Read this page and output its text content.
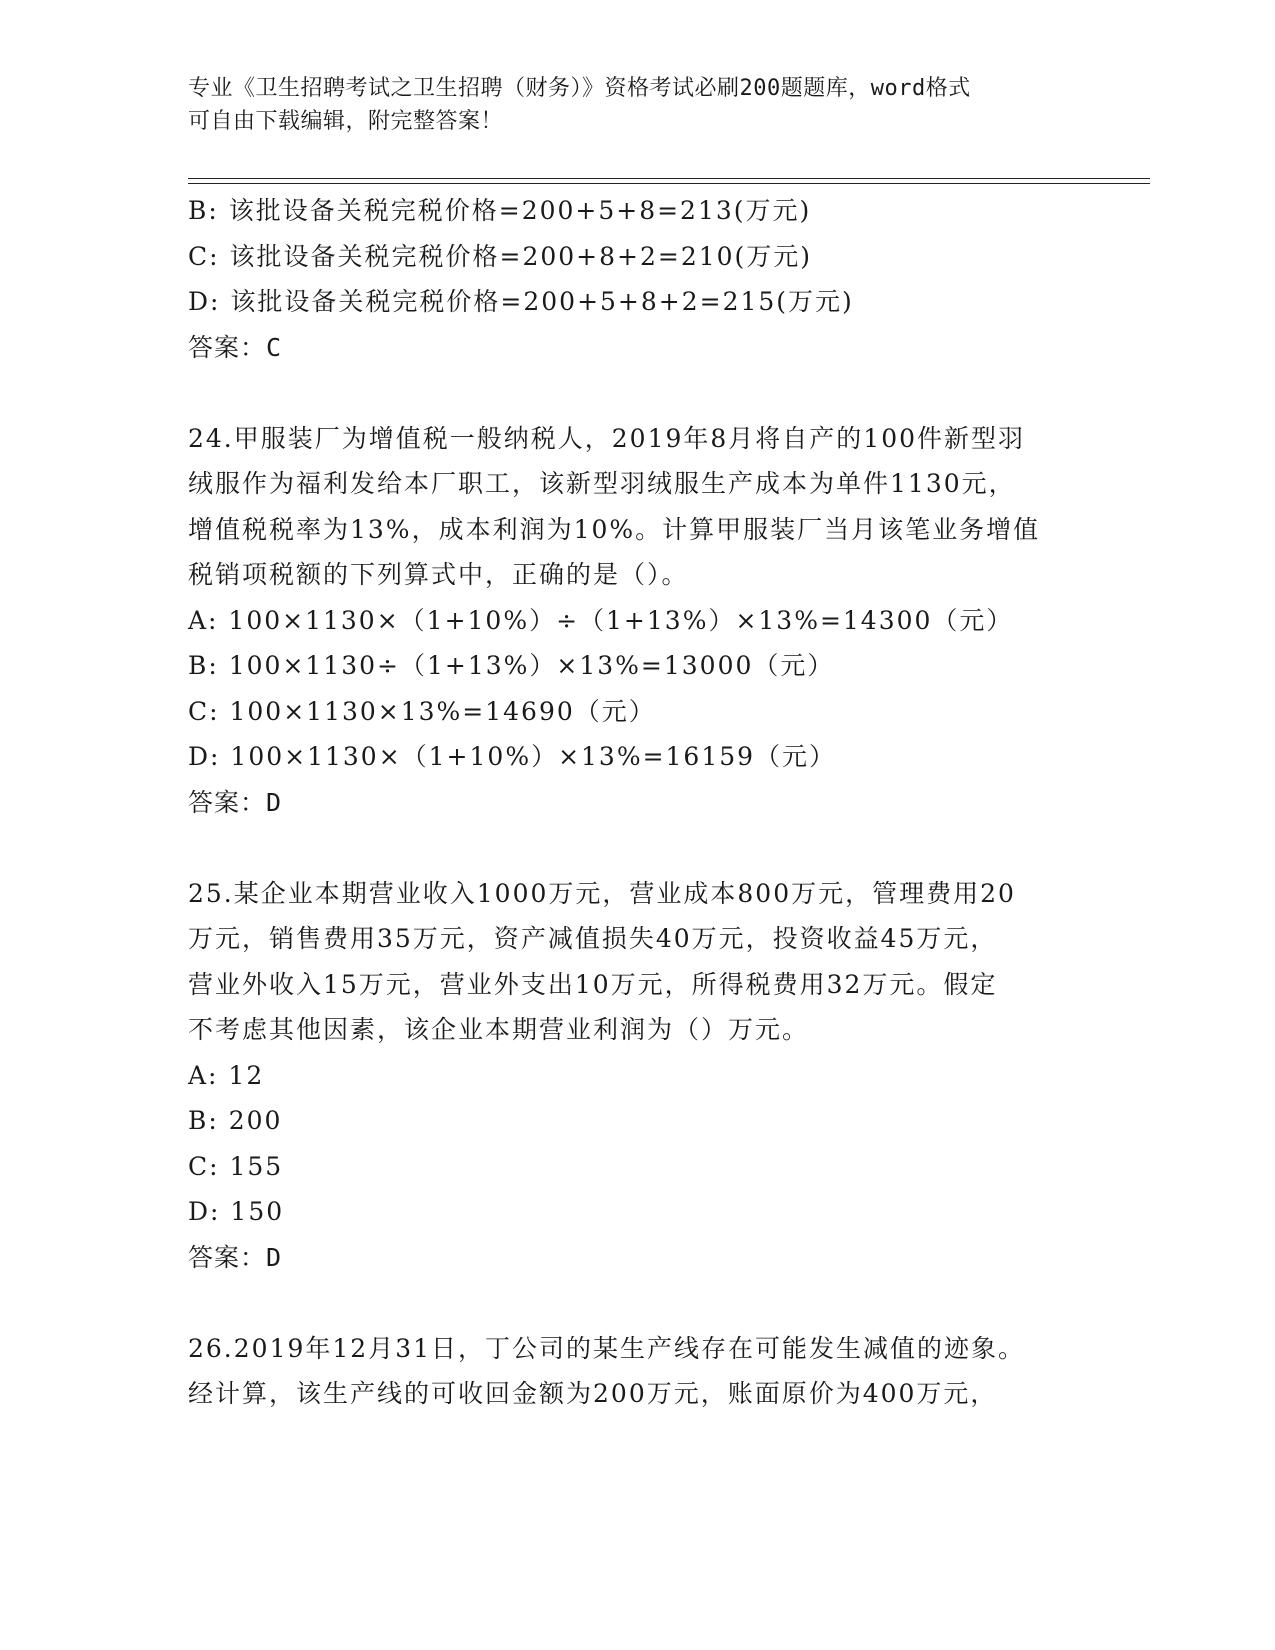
专业《卫生招聘考试之卫生招聘（财务）》资格考试必刷200题题库，word格式
可自由下载编辑，附完整答案！
B: 该批设备关税完税价格=200+5+8=213(万元)
C: 该批设备关税完税价格=200+8+2=210(万元)
D: 该批设备关税完税价格=200+5+8+2=215(万元)
答案：C
24.甲服装厂为增值税一般纳税人，2019年8月将自产的100件新型羽
绒服作为福利发给本厂职工，该新型羽绒服生产成本为单件1130元，
增值税税率为13%，成本利润为10%。计算甲服装厂当月该笔业务增值
税销项税额的下列算式中，正确的是（）。
A: 100×1130×（1+10%）÷（1+13%）×13%=14300（元）
B: 100×1130÷（1+13%）×13%=13000（元）
C: 100×1130×13%=14690（元）
D: 100×1130×（1+10%）×13%=16159（元）
答案：D
25.某企业本期营业收入1000万元，营业成本800万元，管理费用20
万元，销售费用35万元，资产减值损失40万元，投资收益45万元，
营业外收入15万元，营业外支出10万元，所得税费用32万元。假定
不考虑其他因素，该企业本期营业利润为（）万元。
A: 12
B: 200
C: 155
D: 150
答案：D
26.2019年12月31日，丁公司的某生产线存在可能发生减值的迹象。
经计算，该生产线的可收回金额为200万元，账面原价为400万元，
